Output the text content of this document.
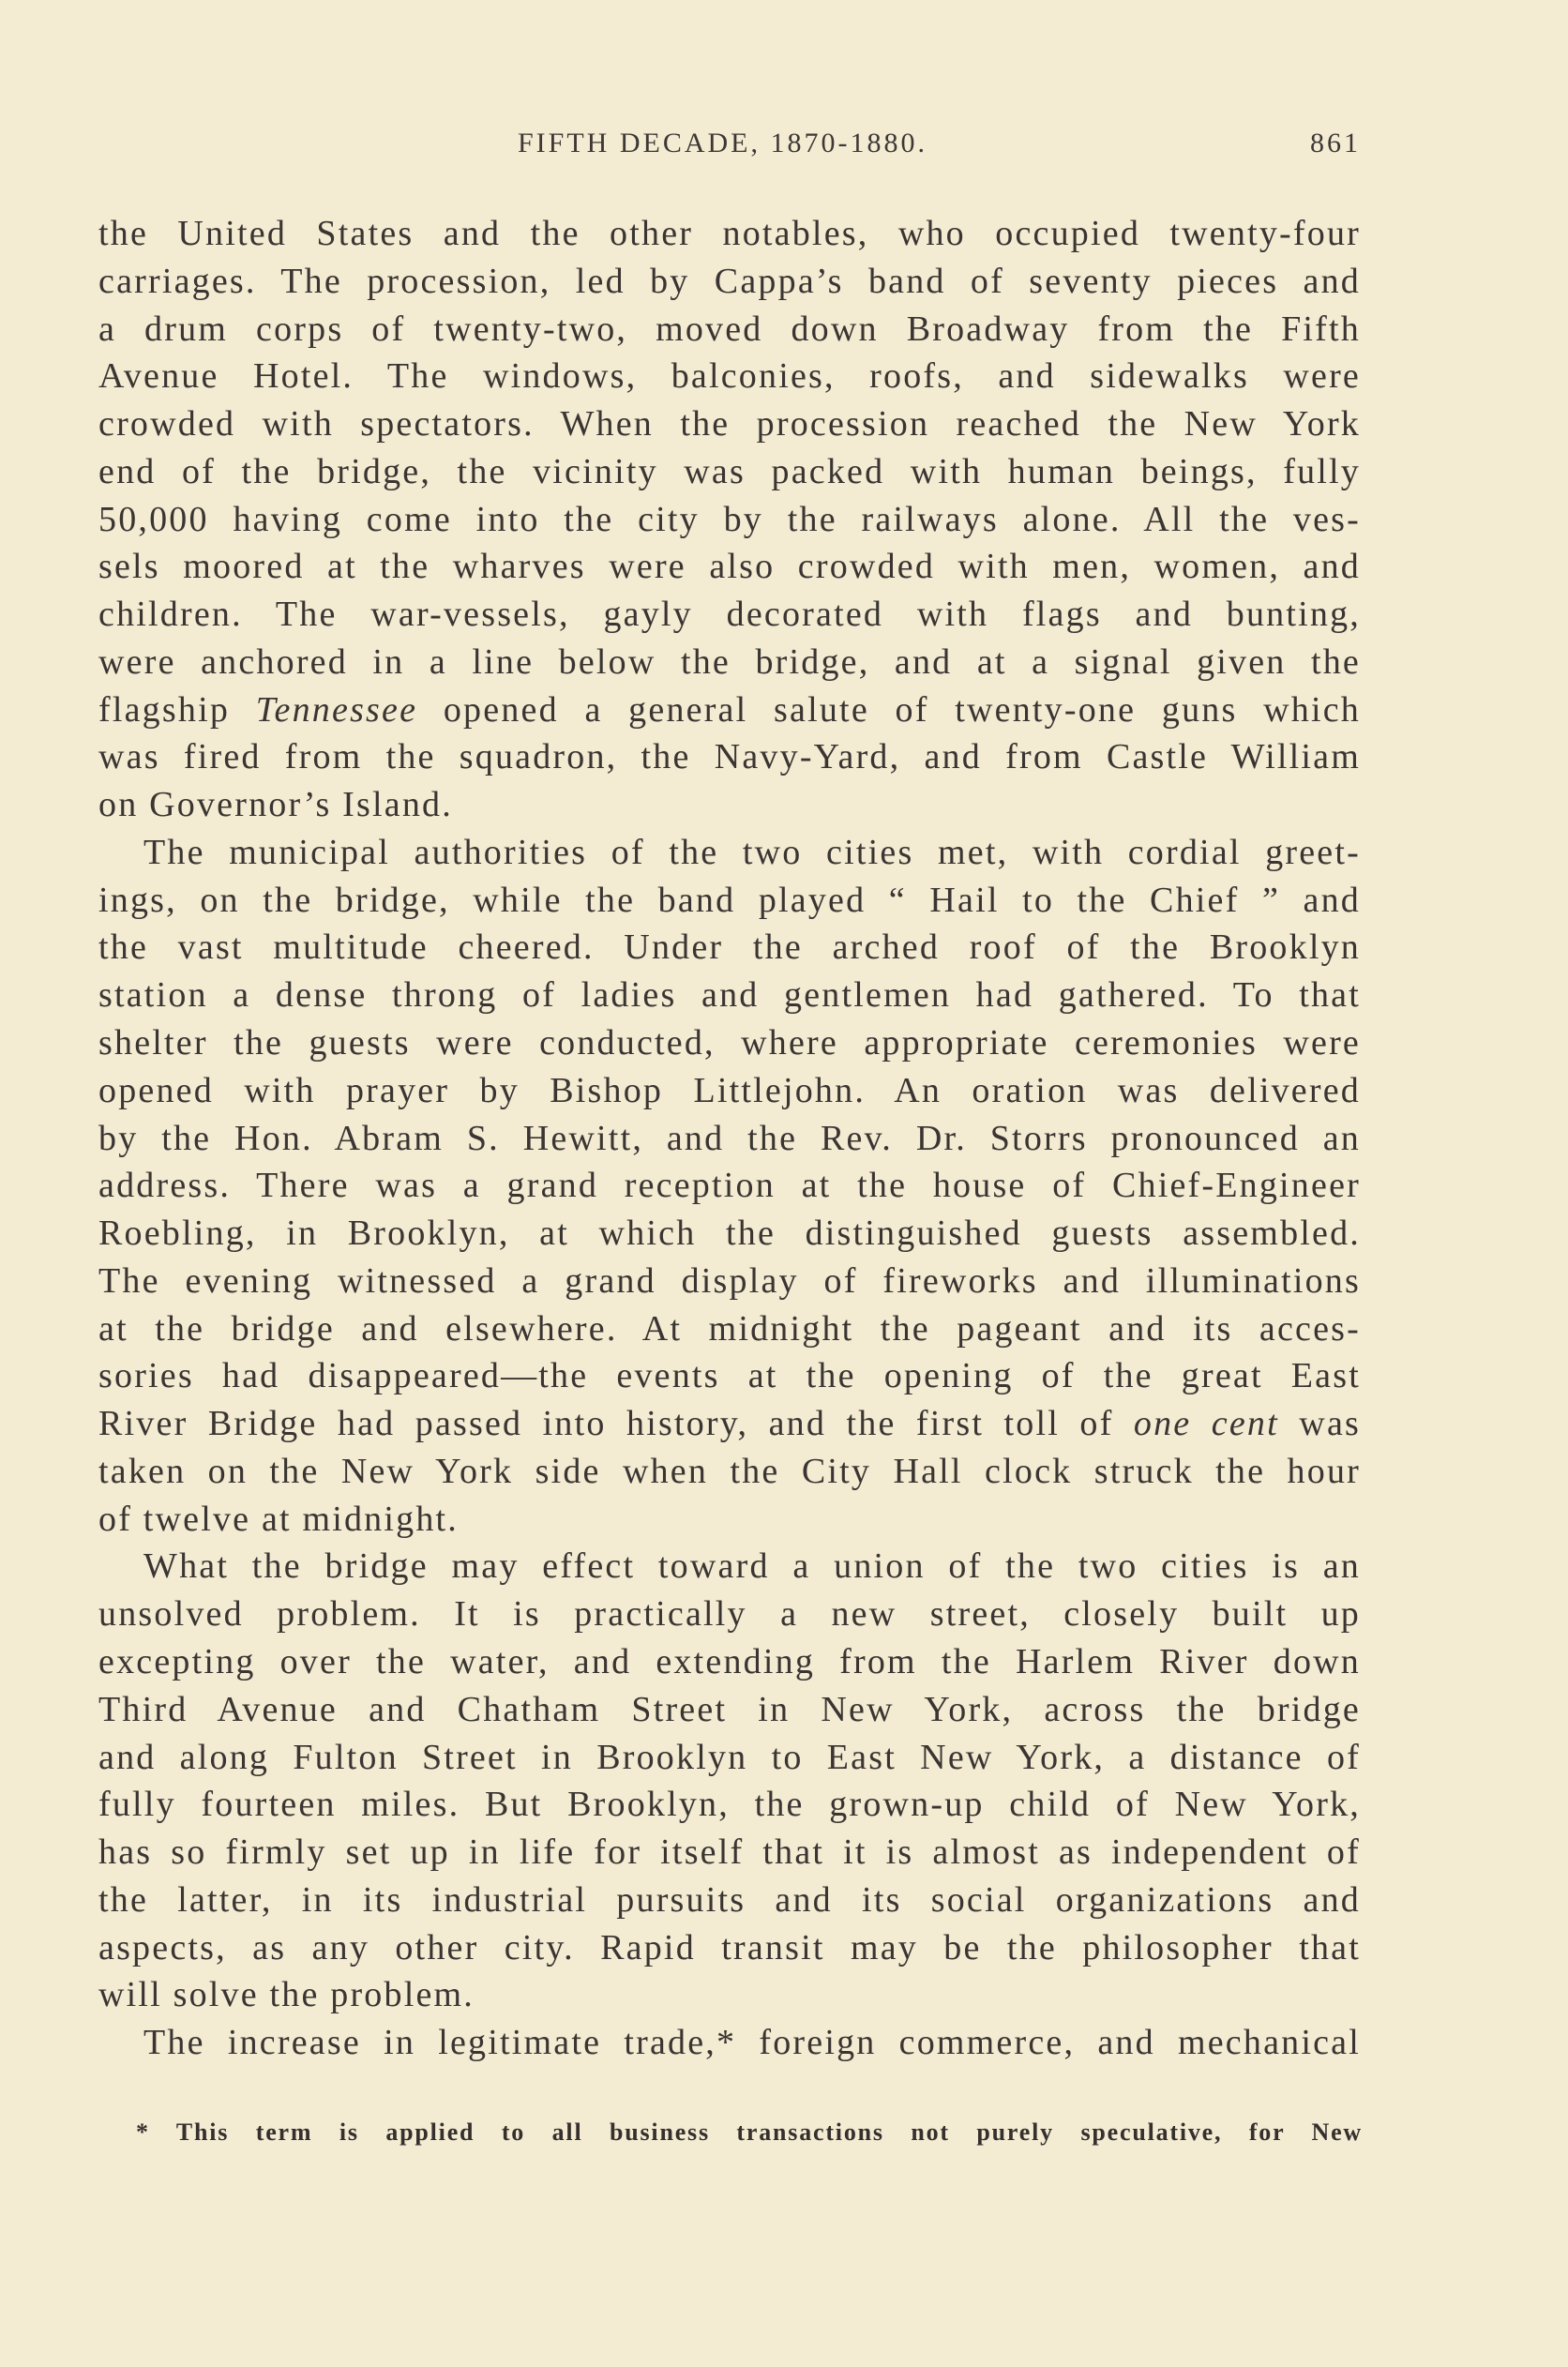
FIFTH DECADE, 1870-1880.	861
the United States and the other notables, who occupied twenty-four
carriages. The procession, led by Cappa’s band of seventy pieces and
a drum corps of twenty-two, moved down Broadway from the Fifth
Avenue Hotel. The windows, balconies, roofs, and sidewalks were
crowded with spectators. When the procession reached the New York
end of the bridge, the vicinity was packed with human beings, fully
50,000 having come into the city by the railways alone. All the ves-
sels moored at the wharves were also crowded with men, women, and
children. The war-vessels, gayly decorated with flags and bunting,
were anchored in a line below the bridge, and at a signal given the
flagship Tennessee opened a general salute of twenty-one guns which
was fired from the squadron, the Navy-Yard, and from Castle William
on Governor’s Island.
The municipal authorities of the two cities met, with cordial greet-
ings, on the bridge, while the band played “ Hail to the Chief ” and
the vast multitude cheered. Under the arched roof of the Brooklyn
station a dense throng of ladies and gentlemen had gathered. To that
shelter the guests were conducted, where appropriate ceremonies were
opened with prayer by Bishop Littlejohn. An oration was delivered
by the Hon. Abram S. Hewitt, and the Rev. Dr. Storrs pronounced an
address. There was a grand reception at the house of Chief-Engineer
Roebling, in Brooklyn, at which the distinguished guests assembled.
The evening witnessed a grand display of fireworks and illuminations
at the bridge and elsewhere. At midnight the pageant and its acces-
sories had disappeared—the events at the opening of the great East
River Bridge had passed into history, and the first toll of one cent was
taken on the New York side when the City Hall clock struck the hour
of twelve at midnight.
What the bridge may effect toward a union of the two cities is an
unsolved problem. It is practically a new street, closely built up
excepting over the water, and extending from the Harlem River down
Third Avenue and Chatham Street in New York, across the bridge
and along Fulton Street in Brooklyn to East New York, a distance of
fully fourteen miles. But Brooklyn, the grown-up child of New York,
has so firmly set up in life for itself that it is almost as independent of
the latter, in its industrial pursuits and its social organizations and
aspects, as any other city. Rapid transit may be the philosopher that
will solve the problem.
The increase in legitimate trade,* foreign commerce, and mechanical
* This term is applied to all business transactions not purely speculative, for New
